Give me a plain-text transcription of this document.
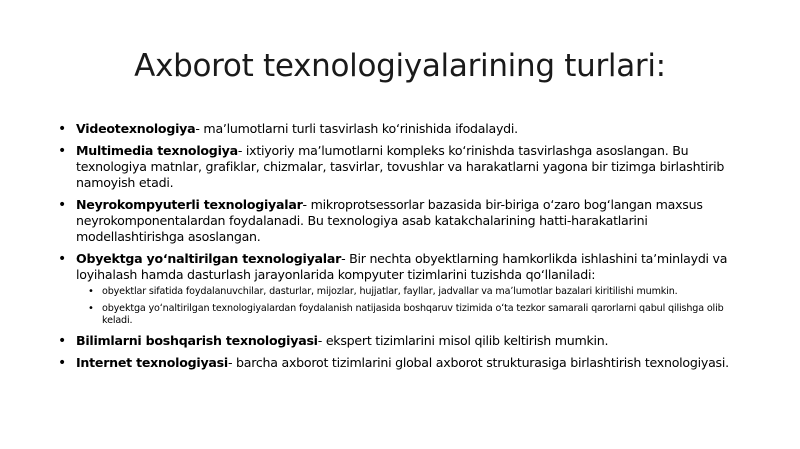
Axborot texnologiyalarining turlari:
• Videotexnologiya- maʼlumotlarni turli tasvirlash koʻrinishida ifodalaydi.
• Multimedia texnologiya- ixtiyoriy maʼlumotlarni kompleks koʻrinishda tasvirlashga asoslangan. Bu texnologiya matnlar, grafiklar, chizmalar, tasvirlar, tovushlar va harakatlarni yagona bir tizimga birlashtirib namoyish etadi.
• Neyrokompyuterli texnologiyalar- mikroprotsessorlar bazasida bir-biriga oʻzaro bogʻlangan maxsus neyrokomponentalardan foydalanadi. Bu texnologiya asab katakchalarining hatti-harakatlarini modellashtirishga asoslangan.
• Obyektga yoʻnaltirilgan texnologiyalar- Bir nechta obyektlarning hamkorlikda ishlashini taʼminlaydi va loyihalash hamda dasturlash jarayonlarida kompyuter tizimlarini tuzishda qoʻllaniladi:
• obyektlar sifatida foydalanuvchilar, dasturlar, mijozlar, hujjatlar, fayllar, jadvallar va maʼlumotlar bazalari kiritilishi mumkin.
• obyektga yoʻnaltirilgan texnologiyalardan foydalanish natijasida boshqaruv tizimida oʻta tezkor samarali qarorlarni qabul qilishga olib keladi.
• Bilimlarni boshqarish texnologiyasi- ekspert tizimlarini misol qilib keltirish mumkin.
• Internet texnologiyasi- barcha axborot tizimlarini global axborot strukturasiga birlashtirish texnologiyasi.
